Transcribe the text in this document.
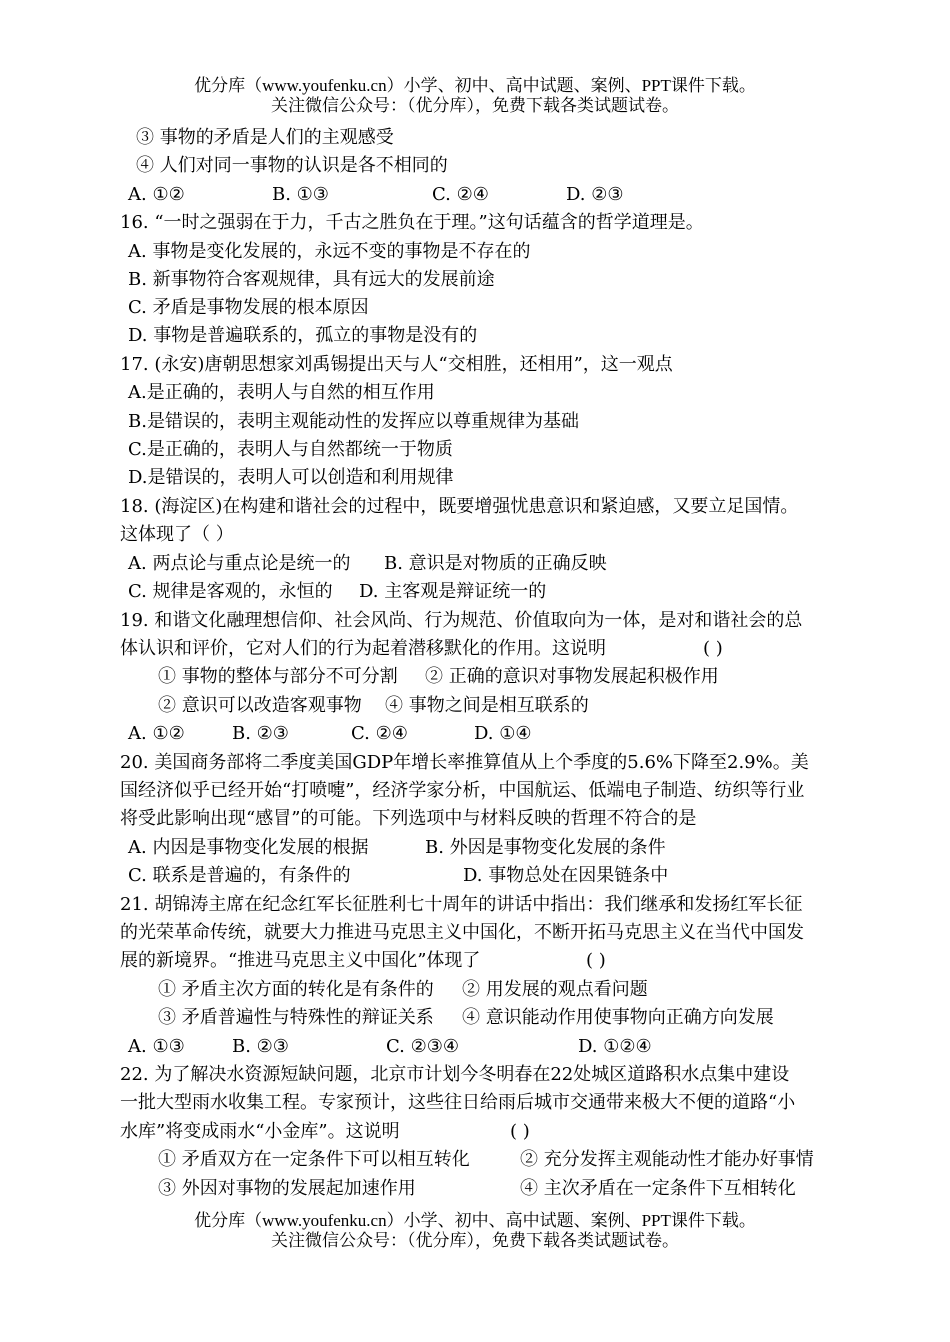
优分库（www.youfenku.cn）小学、初中、高中试题、案例、PPT课件下载。
关注微信公众号：（优分库），免费下载各类试题试卷。
③ 事物的矛盾是人们的主观感受
④ 人们对同一事物的认识是各不相同的
A. ①②	B. ①③	C. ②④	D. ②③
16. “一时之强弱在于力，千古之胜负在于理。”这句话蕴含的哲学道理是。
A. 事物是变化发展的，永远不变的事物是不存在的
B. 新事物符合客观规律，具有远大的发展前途
C. 矛盾是事物发展的根本原因
D. 事物是普遍联系的，孤立的事物是没有的
17. (永安)唐朝思想家刘禹锡提出天与人“交相胜，还相用”，这一观点
A.是正确的，表明人与自然的相互作用
B.是错误的，表明主观能动性的发挥应以尊重规律为基础
C.是正确的，表明人与自然都统一于物质
D.是错误的，表明人可以创造和利用规律
18. (海淀区)在构建和谐社会的过程中，既要增强忧患意识和紧迫感，又要立足国情。
这体现了（ ）
A. 两点论与重点论是统一的 B. 意识是对物质的正确反映
C. 规律是客观的，永恒的 D. 主客观是辩证统一的
19. 和谐文化融理想信仰、社会风尚、行为规范、价值取向为一体，是对和谐社会的总
体认识和评价，它对人们的行为起着潜移默化的作用。这说明	( )
① 事物的整体与部分不可分割 ② 正确的意识对事物发展起积极作用
② 意识可以改造客观事物 ④ 事物之间是相互联系的
A. ①②	B. ②③	C. ②④	D. ①④
20. 美国商务部将二季度美国GDP年增长率推算值从上个季度的5.6%下降至2.9%。美
国经济似乎已经开始“打喷嚏”，经济学家分析，中国航运、低端电子制造、纺织等行业
将受此影响出现“感冒”的可能。下列选项中与材料反映的哲理不符合的是
A. 内因是事物变化发展的根据	B. 外因是事物变化发展的条件
C. 联系是普遍的，有条件的	D. 事物总处在因果链条中
21. 胡锦涛主席在纪念红军长征胜利七十周年的讲话中指出：我们继承和发扬红军长征
的光荣革命传统，就要大力推进马克思主义中国化，不断开拓马克思主义在当代中国发
展的新境界。“推进马克思主义中国化”体现了	( )
① 矛盾主次方面的转化是有条件的 ② 用发展的观点看问题
③ 矛盾普遍性与特殊性的辩证关系 ④ 意识能动作用使事物向正确方向发展
A. ①③	B. ②③	C. ②③④	D. ①②④
22. 为了解决水资源短缺问题，北京市计划今冬明春在22处城区道路积水点集中建设
一批大型雨水收集工程。专家预计，这些往日给雨后城市交通带来极大不便的道路“小
水库”将变成雨水“小金库”。这说明	( )
① 矛盾双方在一定条件下可以相互转化	② 充分发挥主观能动性才能办好事情
③ 外因对事物的发展起加速作用	④ 主次矛盾在一定条件下互相转化
优分库（www.youfenku.cn）小学、初中、高中试题、案例、PPT课件下载。
关注微信公众号：（优分库），免费下载各类试题试卷。
